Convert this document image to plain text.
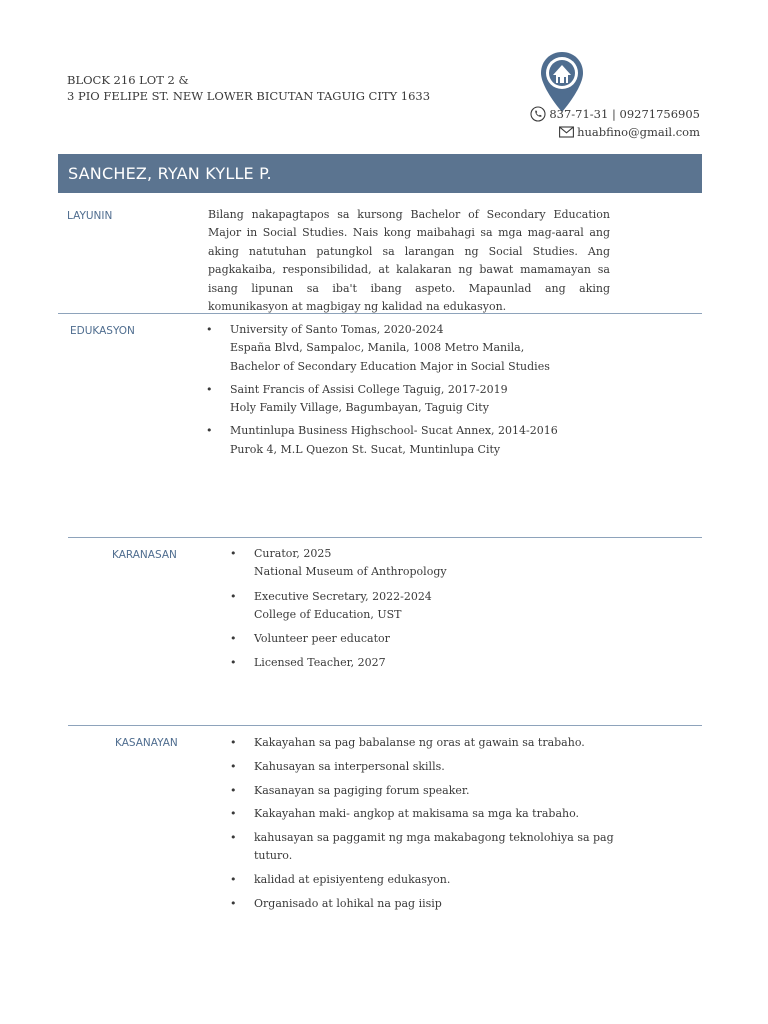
BLOCK 216 LOT 2 &
3 PIO FELIPE ST. NEW LOWER BICUTAN TAGUIG CITY 1633
837-71-31 | 09271756905
huabfino@gmail.com
SANCHEZ, RYAN KYLLE P.
LAYUNIN	Bilang nakapagtapos sa kursong Bachelor of Secondary Education Major in Social Studies. Nais kong maibahagi sa mga mag-aaral ang aking natutuhan patungkol sa larangan ng Social Studies. Ang pagkakaiba, responsibilidad, at kalakaran ng bawat mamamayan sa isang lipunan sa iba't ibang aspeto. Mapaunlad ang aking komunikasyon at magbigay ng kalidad na edukasyon.
EDUKASYON	• University of Santo Tomas, 2020-2024
España Blvd, Sampaloc, Manila, 1008 Metro Manila,
Bachelor of Secondary Education Major in Social Studies
• Saint Francis of Assisi College Taguig, 2017-2019
Holy Family Village, Bagumbayan, Taguig City
• Muntinlupa Business Highschool- Sucat Annex, 2014-2016
Purok 4, M.L Quezon St. Sucat, Muntinlupa City
KARANASAN	• Curator, 2025
National Museum of Anthropology
• Executive Secretary, 2022-2024
College of Education, UST
• Volunteer peer educator
• Licensed Teacher, 2027
KASANAYAN	• Kakayahan sa pag babalanse ng oras at gawain sa trabaho.
• Kahusayan sa interpersonal skills.
• Kasanayan sa pagiging forum speaker.
• Kakayahan maki- angkop at makisama sa mga ka trabaho.
• kahusayan sa paggamit ng mga makabagong teknolohiya sa pag
tuturo.
• kalidad at episiyenteng edukasyon.
• Organisado at lohikal na pag iisip
